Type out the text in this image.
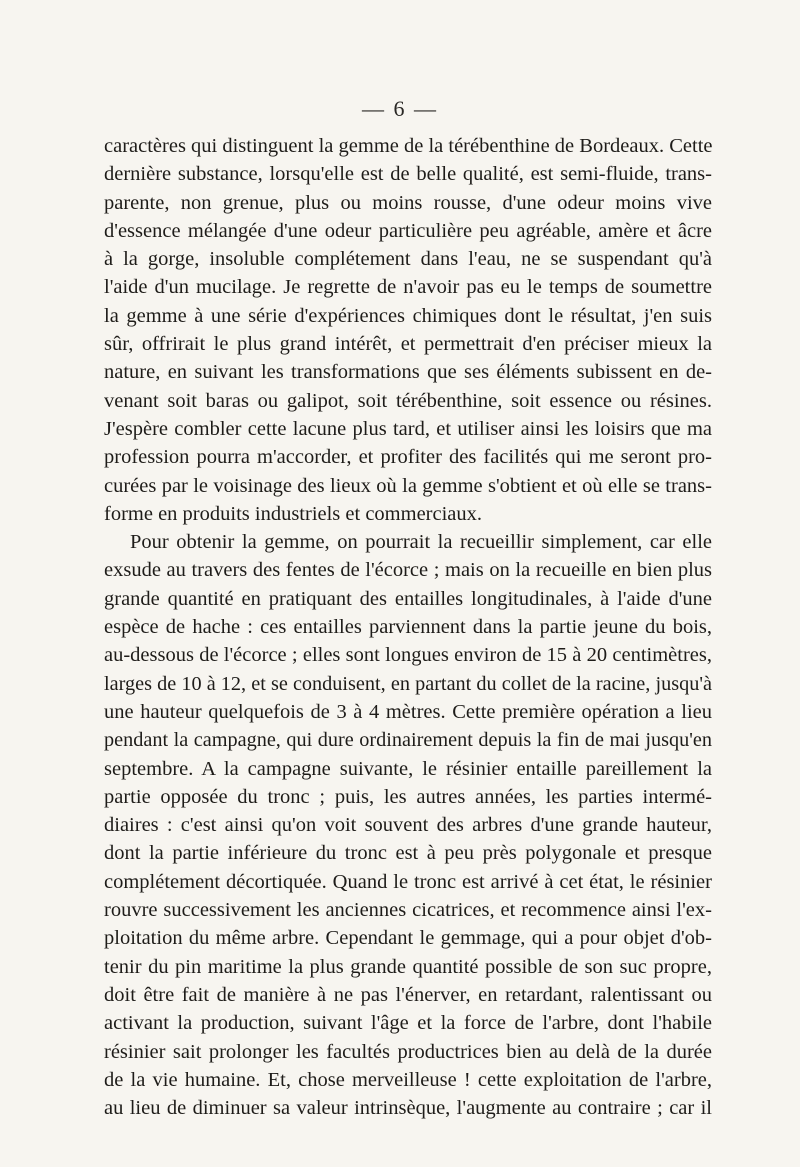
— 6 —
caractères qui distinguent la gemme de la térébenthine de Bordeaux. Cette
dernière substance, lorsqu'elle est de belle qualité, est semi-fluide, trans-
parente, non grenue, plus ou moins rousse, d'une odeur moins vive
d'essence mélangée d'une odeur particulière peu agréable, amère et âcre
à la gorge, insoluble complétement dans l'eau, ne se suspendant qu'à
l'aide d'un mucilage. Je regrette de n'avoir pas eu le temps de soumettre
la gemme à une série d'expériences chimiques dont le résultat, j'en suis
sûr, offrirait le plus grand intérêt, et permettrait d'en préciser mieux la
nature, en suivant les transformations que ses éléments subissent en de-
venant soit baras ou galipot, soit térébenthine, soit essence ou résines.
J'espère combler cette lacune plus tard, et utiliser ainsi les loisirs que ma
profession pourra m'accorder, et profiter des facilités qui me seront pro-
curées par le voisinage des lieux où la gemme s'obtient et où elle se trans-
forme en produits industriels et commerciaux.
Pour obtenir la gemme, on pourrait la recueillir simplement, car elle
exsude au travers des fentes de l'écorce ; mais on la recueille en bien plus
grande quantité en pratiquant des entailles longitudinales, à l'aide d'une
espèce de hache : ces entailles parviennent dans la partie jeune du bois,
au-dessous de l'écorce ; elles sont longues environ de 15 à 20 centimètres,
larges de 10 à 12, et se conduisent, en partant du collet de la racine, jusqu'à
une hauteur quelquefois de 3 à 4 mètres. Cette première opération a lieu
pendant la campagne, qui dure ordinairement depuis la fin de mai jusqu'en
septembre. A la campagne suivante, le résinier entaille pareillement la
partie opposée du tronc ; puis, les autres années, les parties intermé-
diaires : c'est ainsi qu'on voit souvent des arbres d'une grande hauteur,
dont la partie inférieure du tronc est à peu près polygonale et presque
complétement décortiquée. Quand le tronc est arrivé à cet état, le résinier
rouvre successivement les anciennes cicatrices, et recommence ainsi l'ex-
ploitation du même arbre. Cependant le gemmage, qui a pour objet d'ob-
tenir du pin maritime la plus grande quantité possible de son suc propre,
doit être fait de manière à ne pas l'énerver, en retardant, ralentissant ou
activant la production, suivant l'âge et la force de l'arbre, dont l'habile
résinier sait prolonger les facultés productrices bien au delà de la durée
de la vie humaine. Et, chose merveilleuse ! cette exploitation de l'arbre,
au lieu de diminuer sa valeur intrinsèque, l'augmente au contraire ; car il
